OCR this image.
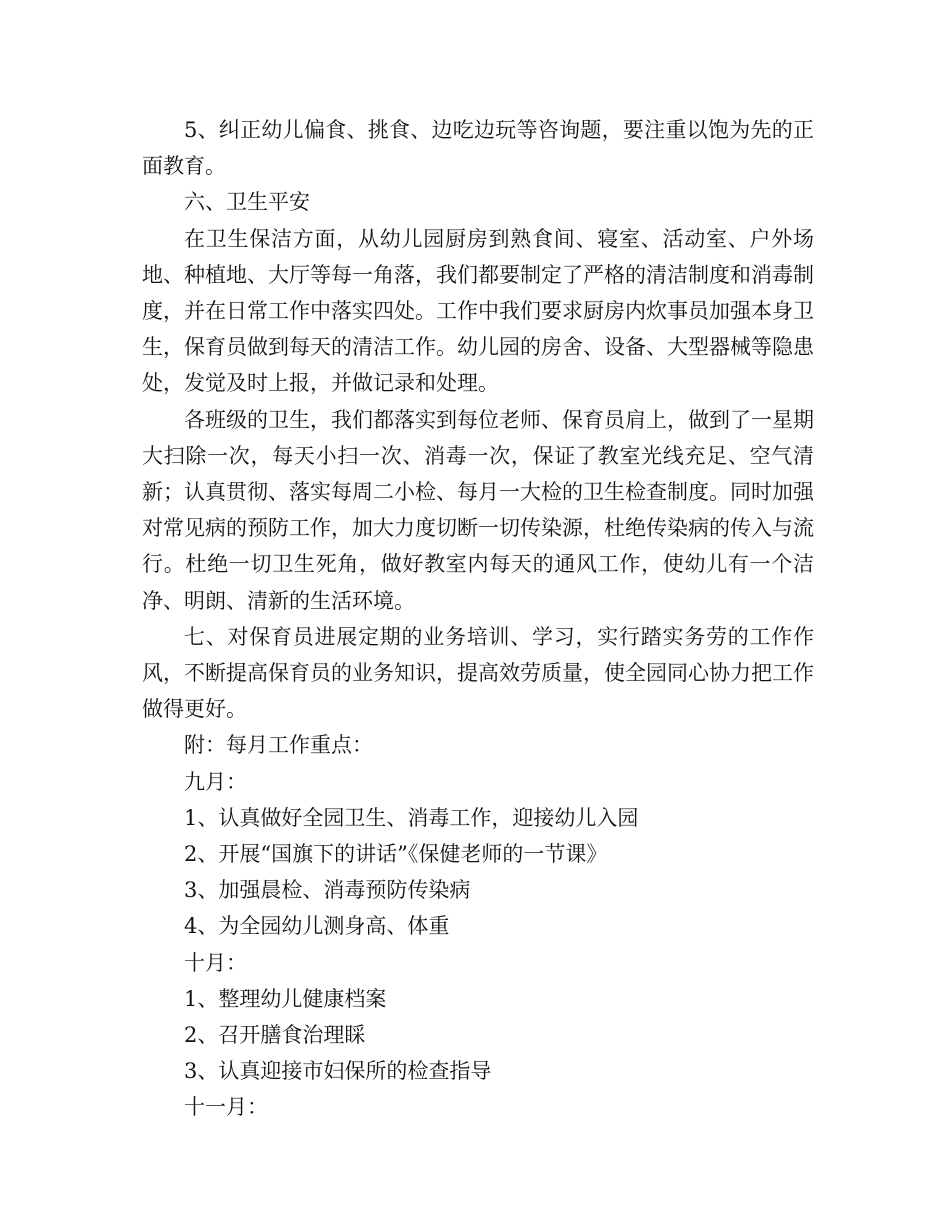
5、纠正幼儿偏食、挑食、边吃边玩等咨询题，要注重以饱为先的正面教育。

六、卫生平安

在卫生保洁方面，从幼儿园厨房到熟食间、寝室、活动室、户外场地、种植地、大厅等每一角落，我们都要制定了严格的清洁制度和消毒制度，并在日常工作中落实四处。工作中我们要求厨房内炊事员加强本身卫生，保育员做到每天的清洁工作。幼儿园的房舍、设备、大型器械等隐患处，发觉及时上报，并做记录和处理。

各班级的卫生，我们都落实到每位老师、保育员肩上，做到了一星期大扫除一次，每天小扫一次、消毒一次，保证了教室光线充足、空气清新；认真贯彻、落实每周二小检、每月一大检的卫生检查制度。同时加强对常见病的预防工作，加大力度切断一切传染源，杜绝传染病的传入与流行。杜绝一切卫生死角，做好教室内每天的通风工作，使幼儿有一个洁净、明朗、清新的生活环境。

七、对保育员进展定期的业务培训、学习，实行踏实务劳的工作作风，不断提高保育员的业务知识，提高效劳质量，使全园同心协力把工作做得更好。

附：每月工作重点：

九月：

1、认真做好全园卫生、消毒工作，迎接幼儿入园

2、开展“国旗下的讲话”《保健老师的一节课》

3、加强晨检、消毒预防传染病

4、为全园幼儿测身高、体重

十月：

1、整理幼儿健康档案

2、召开膳食治理睬

3、认真迎接市妇保所的检查指导

十一月：
